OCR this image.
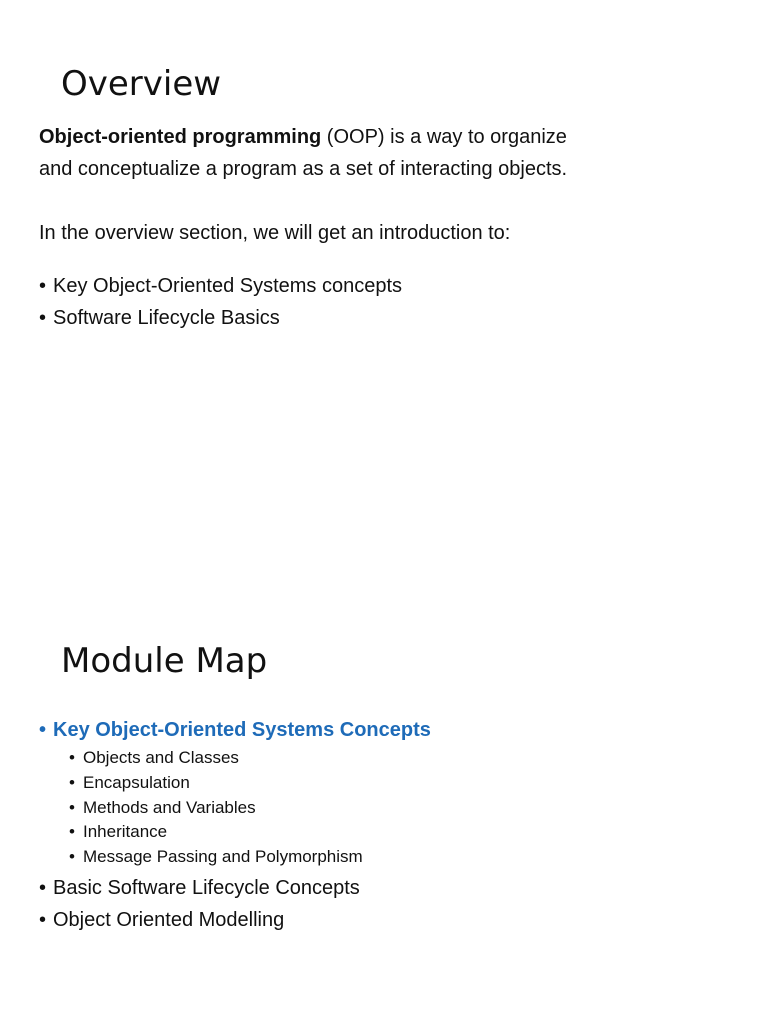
Overview

Object-oriented programming (OOP) is a way to organize
and conceptualize a program as a set of interacting objects.

In the overview section, we will get an introduction to:

• Key Object-Oriented Systems concepts
• Software Lifecycle Basics
Module Map
• Key Object-Oriented Systems Concepts
• Objects and Classes
• Encapsulation
• Methods and Variables
• Inheritance
• Message Passing and Polymorphism
• Basic Software Lifecycle Concepts
• Object Oriented Modelling
